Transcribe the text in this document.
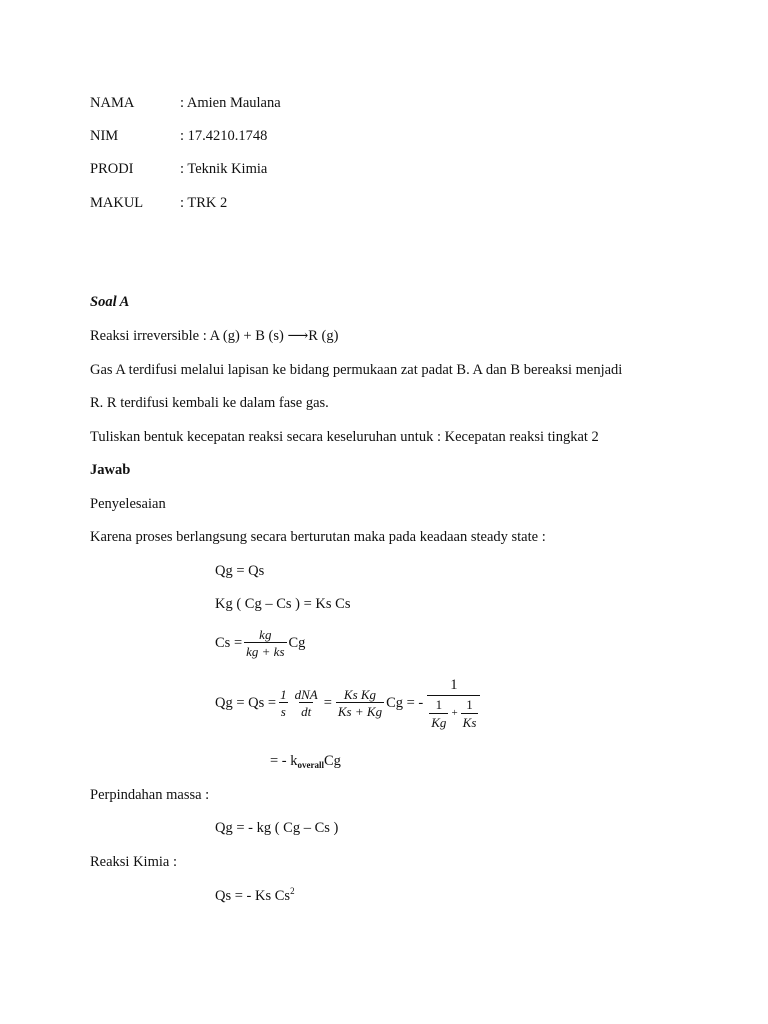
NAMA	: Amien Maulana
NIM	: 17.4210.1748
PRODI	: Teknik Kimia
MAKUL	: TRK 2
Soal A
Reaksi irreversible : A (g) + B (s) ⟶R (g)
Gas A terdifusi melalui lapisan ke bidang permukaan zat padat B. A dan B bereaksi menjadi
R. R terdifusi kembali ke dalam fase gas.
Tuliskan bentuk kecepatan reaksi secara keseluruhan untuk : Kecepatan reaksi tingkat 2
Jawab
Penyelesaian
Karena proses berlangsung secara berturutan maka pada keadaan steady state :
Qg = Qs
Kg ( Cg – Cs ) = Ks Cs
$Cs = \frac{kg}{kg + ks}$ Cg
$Qg = Qs = \frac{1}{s} \frac{\text{dNA}}{dt} = \frac{\text{Ks Kg}}{Ks + Kg}$ Cg = -
1
$\frac{1}{Kg} + \frac{1}{Ks}$
= - $k_{overall}Cg$
Perpindahan massa :
Qg = - kg ( Cg – Cs )
Reaksi Kimia :
Qs = - Ks Cs$^2$
